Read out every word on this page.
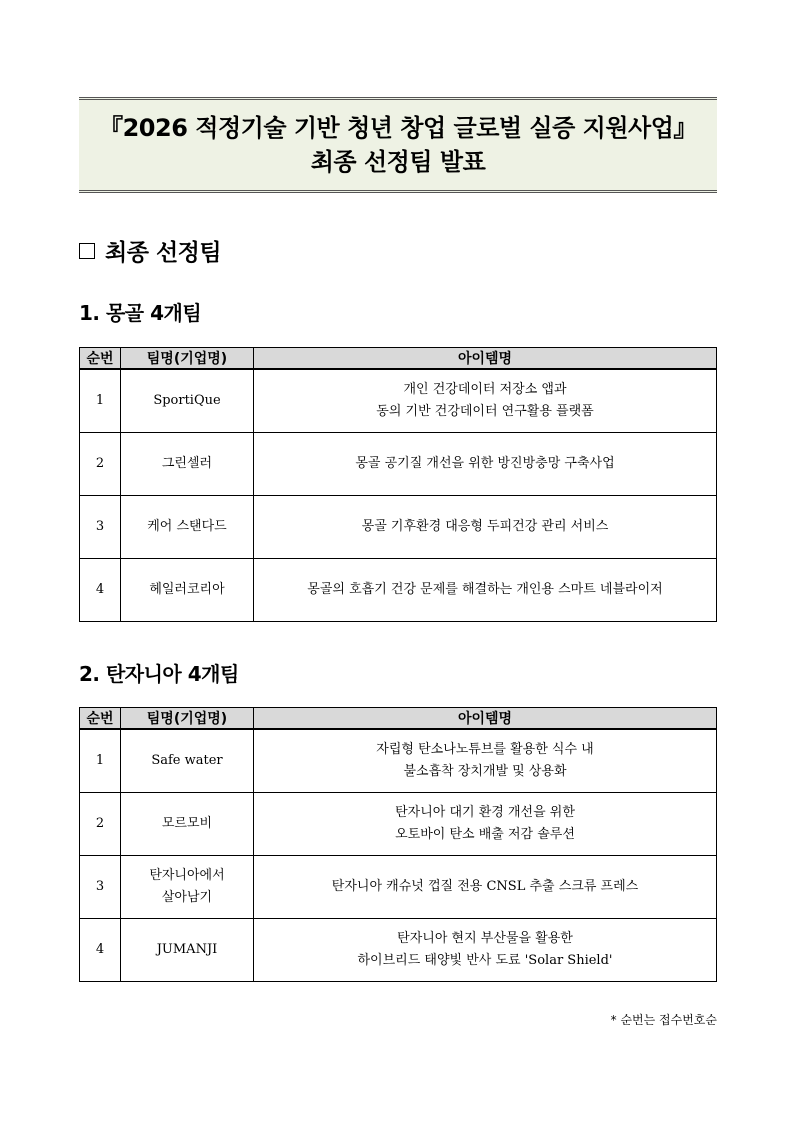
『2026 적정기술 기반 청년 창업 글로벌 실증 지원사업』
최종 선정팀 발표
최종 선정팀
1. 몽골 4개팀
순번	팀명(기업명)	아이템명
1	SportiQue	개인 건강데이터 저장소 앱과
동의 기반 건강데이터 연구활용 플랫폼

2	그린셀러	몽골 공기질 개선을 위한 방진방충망 구축사업

3	케어 스탠다드	몽골 기후환경 대응형 두피건강 관리 서비스

4	헤일러코리아	몽골의 호흡기 건강 문제를 해결하는 개인용 스마트 네블라이저
2. 탄자니아 4개팀
순번	팀명(기업명)	아이템명
1	Safe water	자립형 탄소나노튜브를 활용한 식수 내
불소흡착 장치개발 및 상용화

2	모르모비	탄자니아 대기 환경 개선을 위한
오토바이 탄소 배출 저감 솔루션

3	탄자니아에서
살아남기	탄자니아 캐슈넛 껍질 전용 CNSL 추출 스크류 프레스

4	JUMANJI	탄자니아 현지 부산물을 활용한
하이브리드 태양빛 반사 도료 'Solar Shield'
* 순번는 접수번호순
